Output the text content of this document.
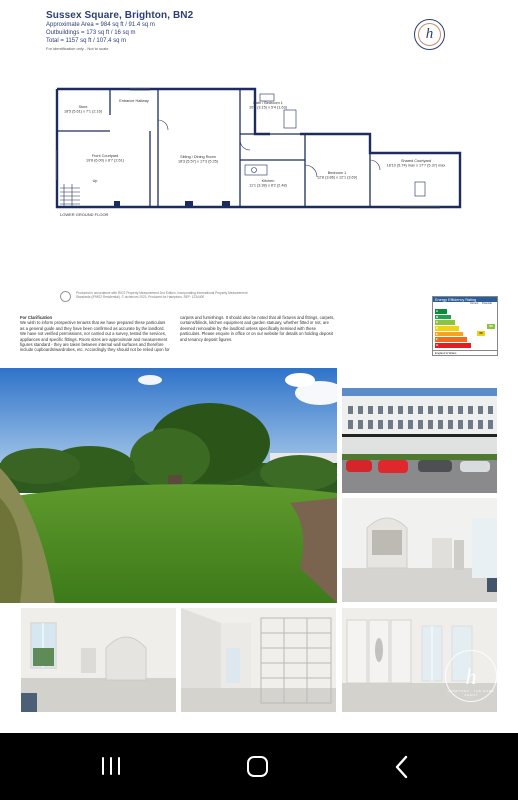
Sussex Square, Brighton, BN2
Approximate Area = 984 sq ft / 91.4 sq m
Outbuildings = 173 sq ft / 16 sq m
Total = 1157 sq ft / 107.4 sq m
For identification only - Not to scale
h
Store 18'5 (5.61) x 7'1 (2.16)
Entrance Hallway
Front Courtyard 19'8 (6.00) x 8'7 (2.61)
Sitting / Dining Room 18'3 (5.57) x 17'3 (5.25)
Bath / Bedroom 1 10'4 (3.15) x 5'4 (1.63)
Kitchen 11'1 (3.38) x 8'2 (2.48)
Bedroom 1 12'8 (3.86) x 12'1 (3.69)
Shared Courtyard 18'10 (5.74) max x 17'7 (5.37) max
Up
LOWER GROUND FLOOR
Produced in accordance with RICS Property Measurement 2nd Edition, incorporating International Property Measurement Standards (IPMS2 Residential). © nichecom 2023. Produced for Hamptons. REF: 1234400
For Clarification
We wish to inform prospective tenants that we have prepared these particulars as a general guide and they have been confirmed as accurate by the landlord. We have not verified permissions, nor carried out a survey, tested the services, appliances and specific fittings. Room sizes are approximate and measurement figures standard - they are taken between internal wall surfaces and therefore include cupboards/wardrobes, etc. Accordingly they should not be relied upon for
carpets and furnishings. It should also be noted that all fixtures and fittings, carpets, curtains/blinds, kitchen equipment and garden statuary, whether fitted or not, are deemed removable by the landlord unless specifically itemised with these particulars. Please enquire in office or on our website for details on holding deposit and tenancy deposit figures.
Energy Efficiency Rating
Current Potential
A
B
C
D
E
F
G
68
80
England & Wales
h
HAMPTONS · THE HOME AGENT
